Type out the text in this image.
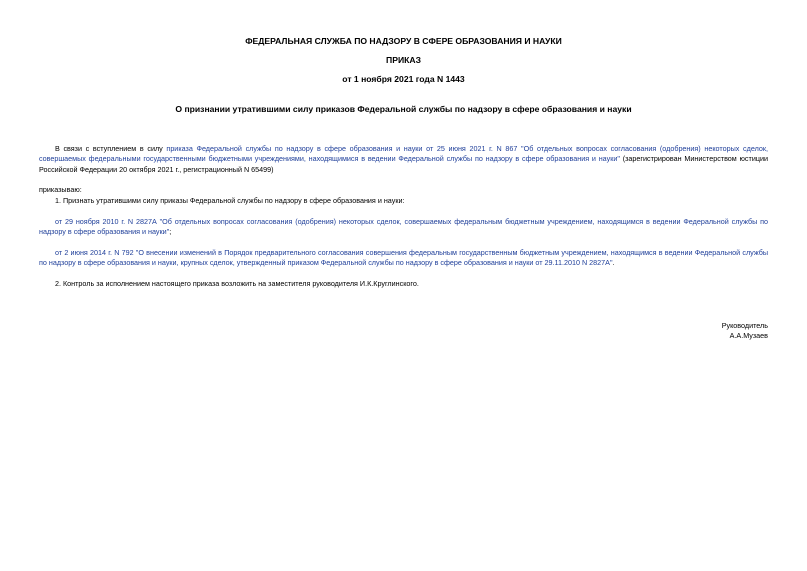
ФЕДЕРАЛЬНАЯ СЛУЖБА ПО НАДЗОРУ В СФЕРЕ ОБРАЗОВАНИЯ И НАУКИ
ПРИКАЗ
от 1 ноября 2021 года N 1443
О признании утратившими силу приказов Федеральной службы по надзору в сфере образования и науки
В связи с вступлением в силу приказа Федеральной службы по надзору в сфере образования и науки от 25 июня 2021 г. N 867 "Об отдельных вопросах согласования (одобрения) некоторых сделок, совершаемых федеральными государственными бюджетными учреждениями, находящимися в ведении Федеральной службы по надзору в сфере образования и науки" (зарегистрирован Министерством юстиции Российской Федерации 20 октября 2021 г., регистрационный N 65499)
приказываю:
1. Признать утратившими силу приказы Федеральной службы по надзору в сфере образования и науки:
от 29 ноября 2010 г. N 2827А "Об отдельных вопросах согласования (одобрения) некоторых сделок, совершаемых федеральным бюджетным учреждением, находящимся в ведении Федеральной службы по надзору в сфере образования и науки";
от 2 июня 2014 г. N 792 "О внесении изменений в Порядок предварительного согласования совершения федеральным государственным бюджетным учреждением, находящимся в ведении Федеральной службы по надзору в сфере образования и науки, крупных сделок, утвержденный приказом Федеральной службы по надзору в сфере образования и науки от 29.11.2010 N 2827А".
2. Контроль за исполнением настоящего приказа возложить на заместителя руководителя И.К.Круглинского.
Руководитель
А.А.Музаев
